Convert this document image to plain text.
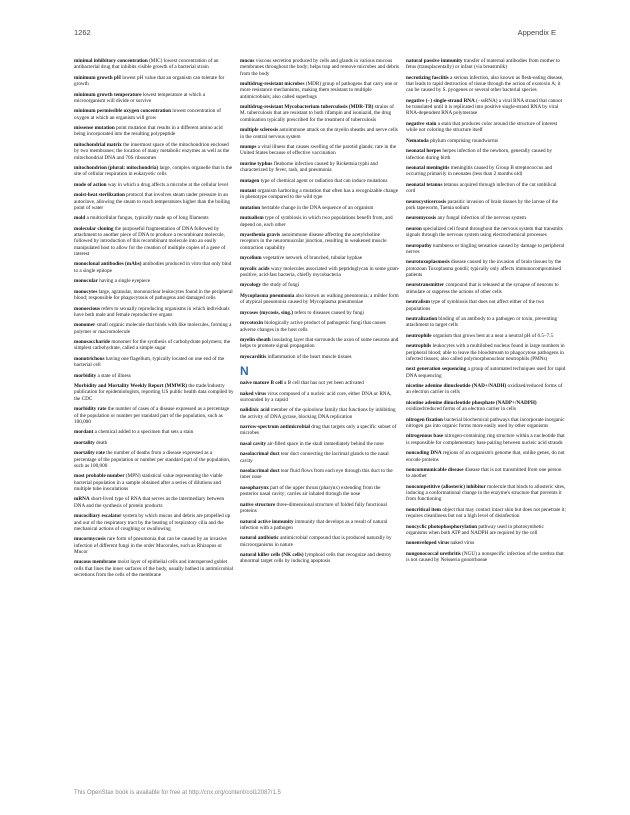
1262	Appendix E
minimal inhibitory concentration (MIC) lowest concentration of an antibacterial drug that inhibits visible growth of a bacterial strain
minimum growth pH lowest pH value that an organism can tolerate for growth
minimum growth temperature lowest temperature at which a microorganism will divide or survive
minimum permissible oxygen concentration lowest concentration of oxygen at which an organism will grow
missense mutation point mutation that results in a different amino acid being incorporated into the resulting polypeptide
mitochondrial matrix the innermost space of the mitochondrion enclosed by two membranes; the location of many metabolic enzymes as well as the mitochondrial DNA and 70S ribosomes
mitochondrion (plural: mitochondria) large, complex organelle that is the site of cellular respiration in eukaryotic cells
mode of action way in which a drug affects a microbe at the cellular level
moist-heat sterilization protocol that involves steam under pressure in an autoclave, allowing the steam to reach temperatures higher than the boiling point of water
mold a multicellular fungus, typically made up of long filaments
molecular cloning the purposeful fragmentation of DNA followed by attachment to another piece of DNA to produce a recombinant molecule, followed by introduction of this recombinant molecule into an easily manipulated host to allow for the creation of multiple copies of a gene of interest
monoclonal antibodies (mAbs) antibodies produced in vitro that only bind to a single epitope
monocular having a single eyepiece
monocytes large, agranular, mononuclear leukocytes found in the peripheral blood; responsible for phagocytosis of pathogens and damaged cells
monoecious refers to sexually reproducing organisms in which individuals have both male and female reproductive organs
monomer small organic molecule that binds with like molecules, forming a polymer or macromolecule
monosaccharide monomer for the synthesis of carbohydrate polymers; the simplest carbohydrate, called a simple sugar
monotrichous having one flagellum, typically located on one end of the bacterial cell
morbidity a state of illness
Morbidity and Mortality Weekly Report (MMWR) the trade/industry publication for epidemiologists, reporting US public health data compiled by the CDC
morbidity rate the number of cases of a disease expressed as a percentage of the population or number per standard part of the population, such as 100,000
mordant a chemical added to a specimen that sets a stain
mortality death
mortality rate the number of deaths from a disease expressed as a percentage of the population or number per standard part of the population, such as 100,000
most probable number (MPN) statistical value representing the viable bacterial population in a sample obtained after a series of dilutions and multiple tube inoculations
mRNA short-lived type of RNA that serves as the intermediary between DNA and the synthesis of protein products
mucociliary escalator system by which mucus and debris are propelled up and out of the respiratory tract by the beating of respiratory cilia and the mechanical actions of coughing or swallowing
mucormycosis rare form of pneumonia that can be caused by an invasive infection of different fungi in the order Mucorales, such as Rhizopus or Mucor
mucous membrane moist layer of epithelial cells and interspersed goblet cells that lines the inner surfaces of the body, usually bathed in antimicrobial secretions from the cells of the membrane
mucus viscous secretion produced by cells and glands in various mucous membranes throughout the body; helps trap and remove microbes and debris from the body
multidrug-resistant microbes (MDR) group of pathogens that carry one or more resistance mechanisms, making them resistant to multiple antimicrobials; also called superbugs
multidrug-resistant Mycobacterium tuberculosis (MDR-TB) strains of M. tuberculosis that are resistant to both rifampin and isoniazid, the drug combination typically prescribed for the treatment of tuberculosis
multiple sclerosis autoimmune attack on the myelin sheaths and nerve cells in the central nervous system
mumps a viral illness that causes swelling of the parotid glands; rare in the United States because of effective vaccination
murine typhus fleaborne infection caused by Rickettsia typhi and characterized by fever, rash, and pneumonia
mutagen type of chemical agent or radiation that can induce mutations
mutant organism harboring a mutation that often has a recognizable change in phenotype compared to the wild type
mutation heritable change in the DNA sequence of an organism
mutualism type of symbiosis in which two populations benefit from, and depend on, each other
myasthenia gravis autoimmune disease affecting the acetylcholine receptors in the neuromuscular junction, resulting in weakened muscle contraction capability
mycelium vegetative network of branched, tubular hyphae
mycolic acids waxy molecules associated with peptidoglycan in some gram-positive, acid-fast bacteria, chiefly mycobacteria
mycology the study of fungi
Mycoplasma pneumonia also known as walking pneumonia; a milder form of atypical pneumonia caused by Mycoplasma pneumoniae
mycoses (mycosis, sing.) refers to diseases caused by fungi
mycotoxin biologically active product of pathogenic fungi that causes adverse changes in the host cells
myelin sheath insulating layer that surrounds the axon of some neurons and helps to promote signal propagation
myocarditis inflammation of the heart muscle tissues
N
naive mature B cell a B cell that has not yet been activated
naked virus virus composed of a nucleic acid core, either DNA or RNA, surrounded by a capsid
nalidixic acid member of the quinolone family that functions by inhibiting the activity of DNA gyrase, blocking DNA replication
narrow-spectrum antimicrobial drug that targets only a specific subset of microbes
nasal cavity air-filled space in the skull immediately behind the nose
nasolacrimal duct tear duct connecting the lacrimal glands to the nasal cavity
nasolacrimal duct tear fluid flows from each eye through this duct to the inner nose
nasopharynx part of the upper throat (pharynx) extending from the posterior nasal cavity; carries air inhaled through the nose
native structure three-dimensional structure of folded fully functional proteins
natural active immunity immunity that develops as a result of natural infection with a pathogen
natural antibiotic antimicrobial compound that is produced naturally by microorganisms in nature
natural killer cells (NK cells) lymphoid cells that recognize and destroy abnormal target cells by inducing apoptosis
natural passive immunity transfer of maternal antibodies from mother to fetus (transplacentally) or infant (via breastmilk)
necrotizing fasciitis a serious infection, also known as flesh-eating disease, that leads to rapid destruction of tissue through the action of exotoxin A; it can be caused by S. pyogenes or several other bacterial species
negative (−) single-strand RNA (−ssRNA) a viral RNA strand that cannot be translated until it is replicated into positive single-strand RNA by viral RNA-dependent RNA polymerase
negative stain a stain that produces color around the structure of interest while not coloring the structure itself
Nematoda phylum comprising roundworms
neonatal herpes herpes infection of the newborn, generally caused by infection during birth
neonatal meningitis meningitis caused by Group B streptococcus and occurring primarily in neonates (less than 2 months old)
neonatal tetanus tetanus acquired through infection of the cut umbilical cord
neurocysticercosis parasitic invasion of brain tissues by the larvae of the pork tapeworm, Taenia solium
neuromycosis any fungal infection of the nervous system
neuron specialized cell found throughout the nervous system that transmits signals through the nervous system using electrochemical processes
neuropathy numbness or tingling sensation caused by damage to peripheral nerves
neurotoxoplasmosis disease caused by the invasion of brain tissues by the protozoan Toxoplasma gondii; typically only affects immunocompromised patients
neurotransmitter compound that is released at the synapse of neurons to stimulate or suppress the actions of other cells
neutralism type of symbiosis that does not affect either of the two populations
neutralization binding of an antibody to a pathogen or toxin, preventing attachment to target cells
neutrophile organism that grows best at a near a neutral pH of 6.5–7.5
neutrophils leukocytes with a multilobed nucleus found in large numbers in peripheral blood; able to leave the bloodstream to phagocytose pathogens in infected tissues; also called polymorphonuclear neutrophils (PMNs)
next generation sequencing a group of automated techniques used for rapid DNA sequencing
nicotine adenine dinucleotide (NAD+/NADH) oxidized/reduced forms of an electron carrier in cells
nicotine adenine dinucleotide phosphate (NADP+/NADPH) oxidized/reduced forms of an electron carrier in cells
nitrogen fixation bacterial biochemical pathways that incorporate inorganic nitrogen gas into organic forms more easily used by other organisms
nitrogenous base nitrogen-containing ring structure within a nucleotide that is responsible for complementary base pairing between nucleic acid strands
noncoding DNA regions of an organism's genome that, unlike genes, do not encode proteins
noncommunicable disease disease that is not transmitted from one person to another
noncompetitive (allosteric) inhibitor molecule that binds to allosteric sites, inducing a conformational change in the enzyme's structure that prevents it from functioning
noncritical item object that may contact intact skin but does not penetrate it; requires cleanliness but not a high level of disinfection
noncyclic photophosphorylation pathway used in photosynthetic organisms when both ATP and NADPH are required by the cell
nonenveloped virus naked virus
nongonococcal urethritis (NGU) a nonspecific infection of the urethra that is not caused by Neisseria gonorrhoeae
This OpenStax book is available for free at http://cnx.org/content/col12087/1.5
